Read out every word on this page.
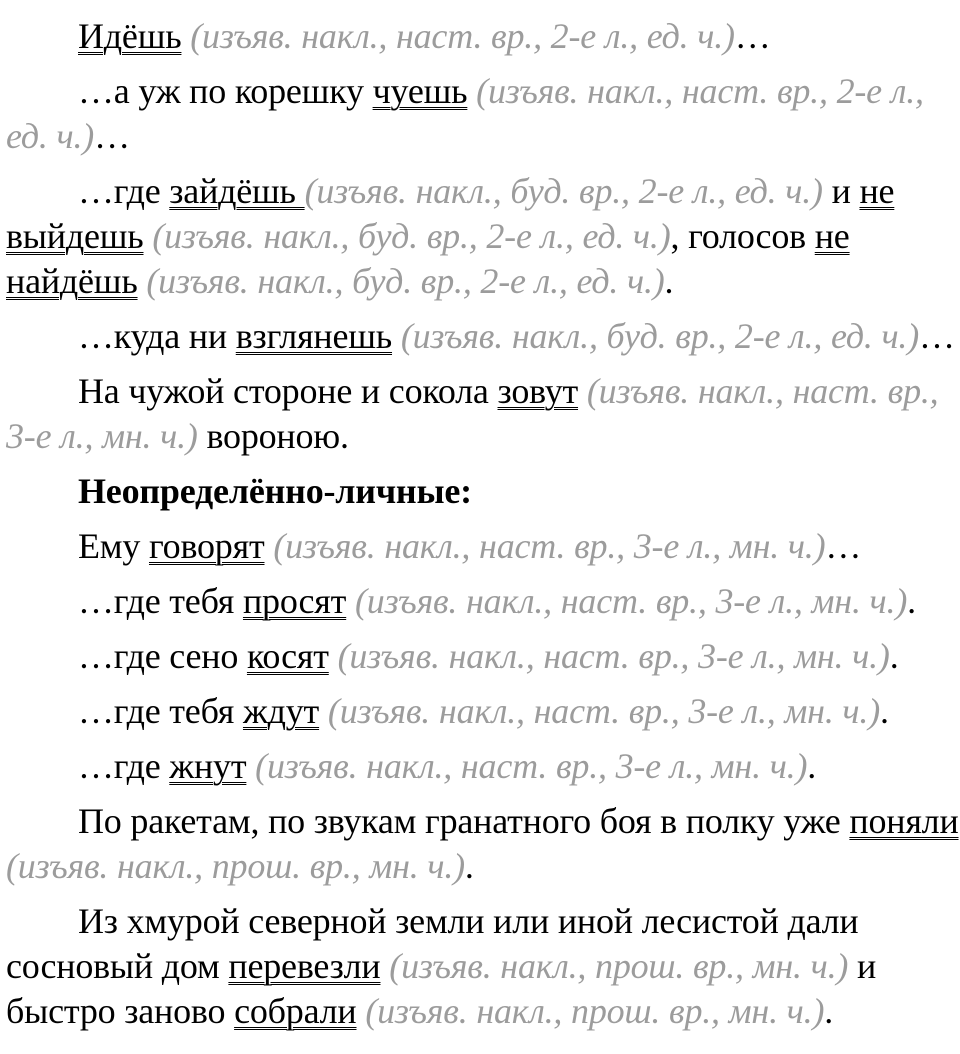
Идёшь (изъяв. накл., наст. вр., 2-е л., ед. ч.)…

…а уж по корешку чуешь (изъяв. накл., наст. вр., 2-е л., ед. ч.)…

…где зайдёшь (изъяв. накл., буд. вр., 2-е л., ед. ч.) и не выйдешь (изъяв. накл., буд. вр., 2-е л., ед. ч.), голосов не найдёшь (изъяв. накл., буд. вр., 2-е л., ед. ч.).

…куда ни взглянешь (изъяв. накл., буд. вр., 2-е л., ед. ч.)…

На чужой стороне и сокола зовут (изъяв. накл., наст. вр., 3-е л., мн. ч.) вороною.

Неопределённо-личные:

Ему говорят (изъяв. накл., наст. вр., 3-е л., мн. ч.)…

…где тебя просят (изъяв. накл., наст. вр., 3-е л., мн. ч.).

…где сено косят (изъяв. накл., наст. вр., 3-е л., мн. ч.).

…где тебя ждут (изъяв. накл., наст. вр., 3-е л., мн. ч.).

…где жнут (изъяв. накл., наст. вр., 3-е л., мн. ч.).

По ракетам, по звукам гранатного боя в полку уже поняли (изъяв. накл., прош. вр., мн. ч.).

Из хмурой северной земли или иной лесистой дали сосновый дом перевезли (изъяв. накл., прош. вр., мн. ч.) и быстро заново собрали (изъяв. накл., прош. вр., мн. ч.).
